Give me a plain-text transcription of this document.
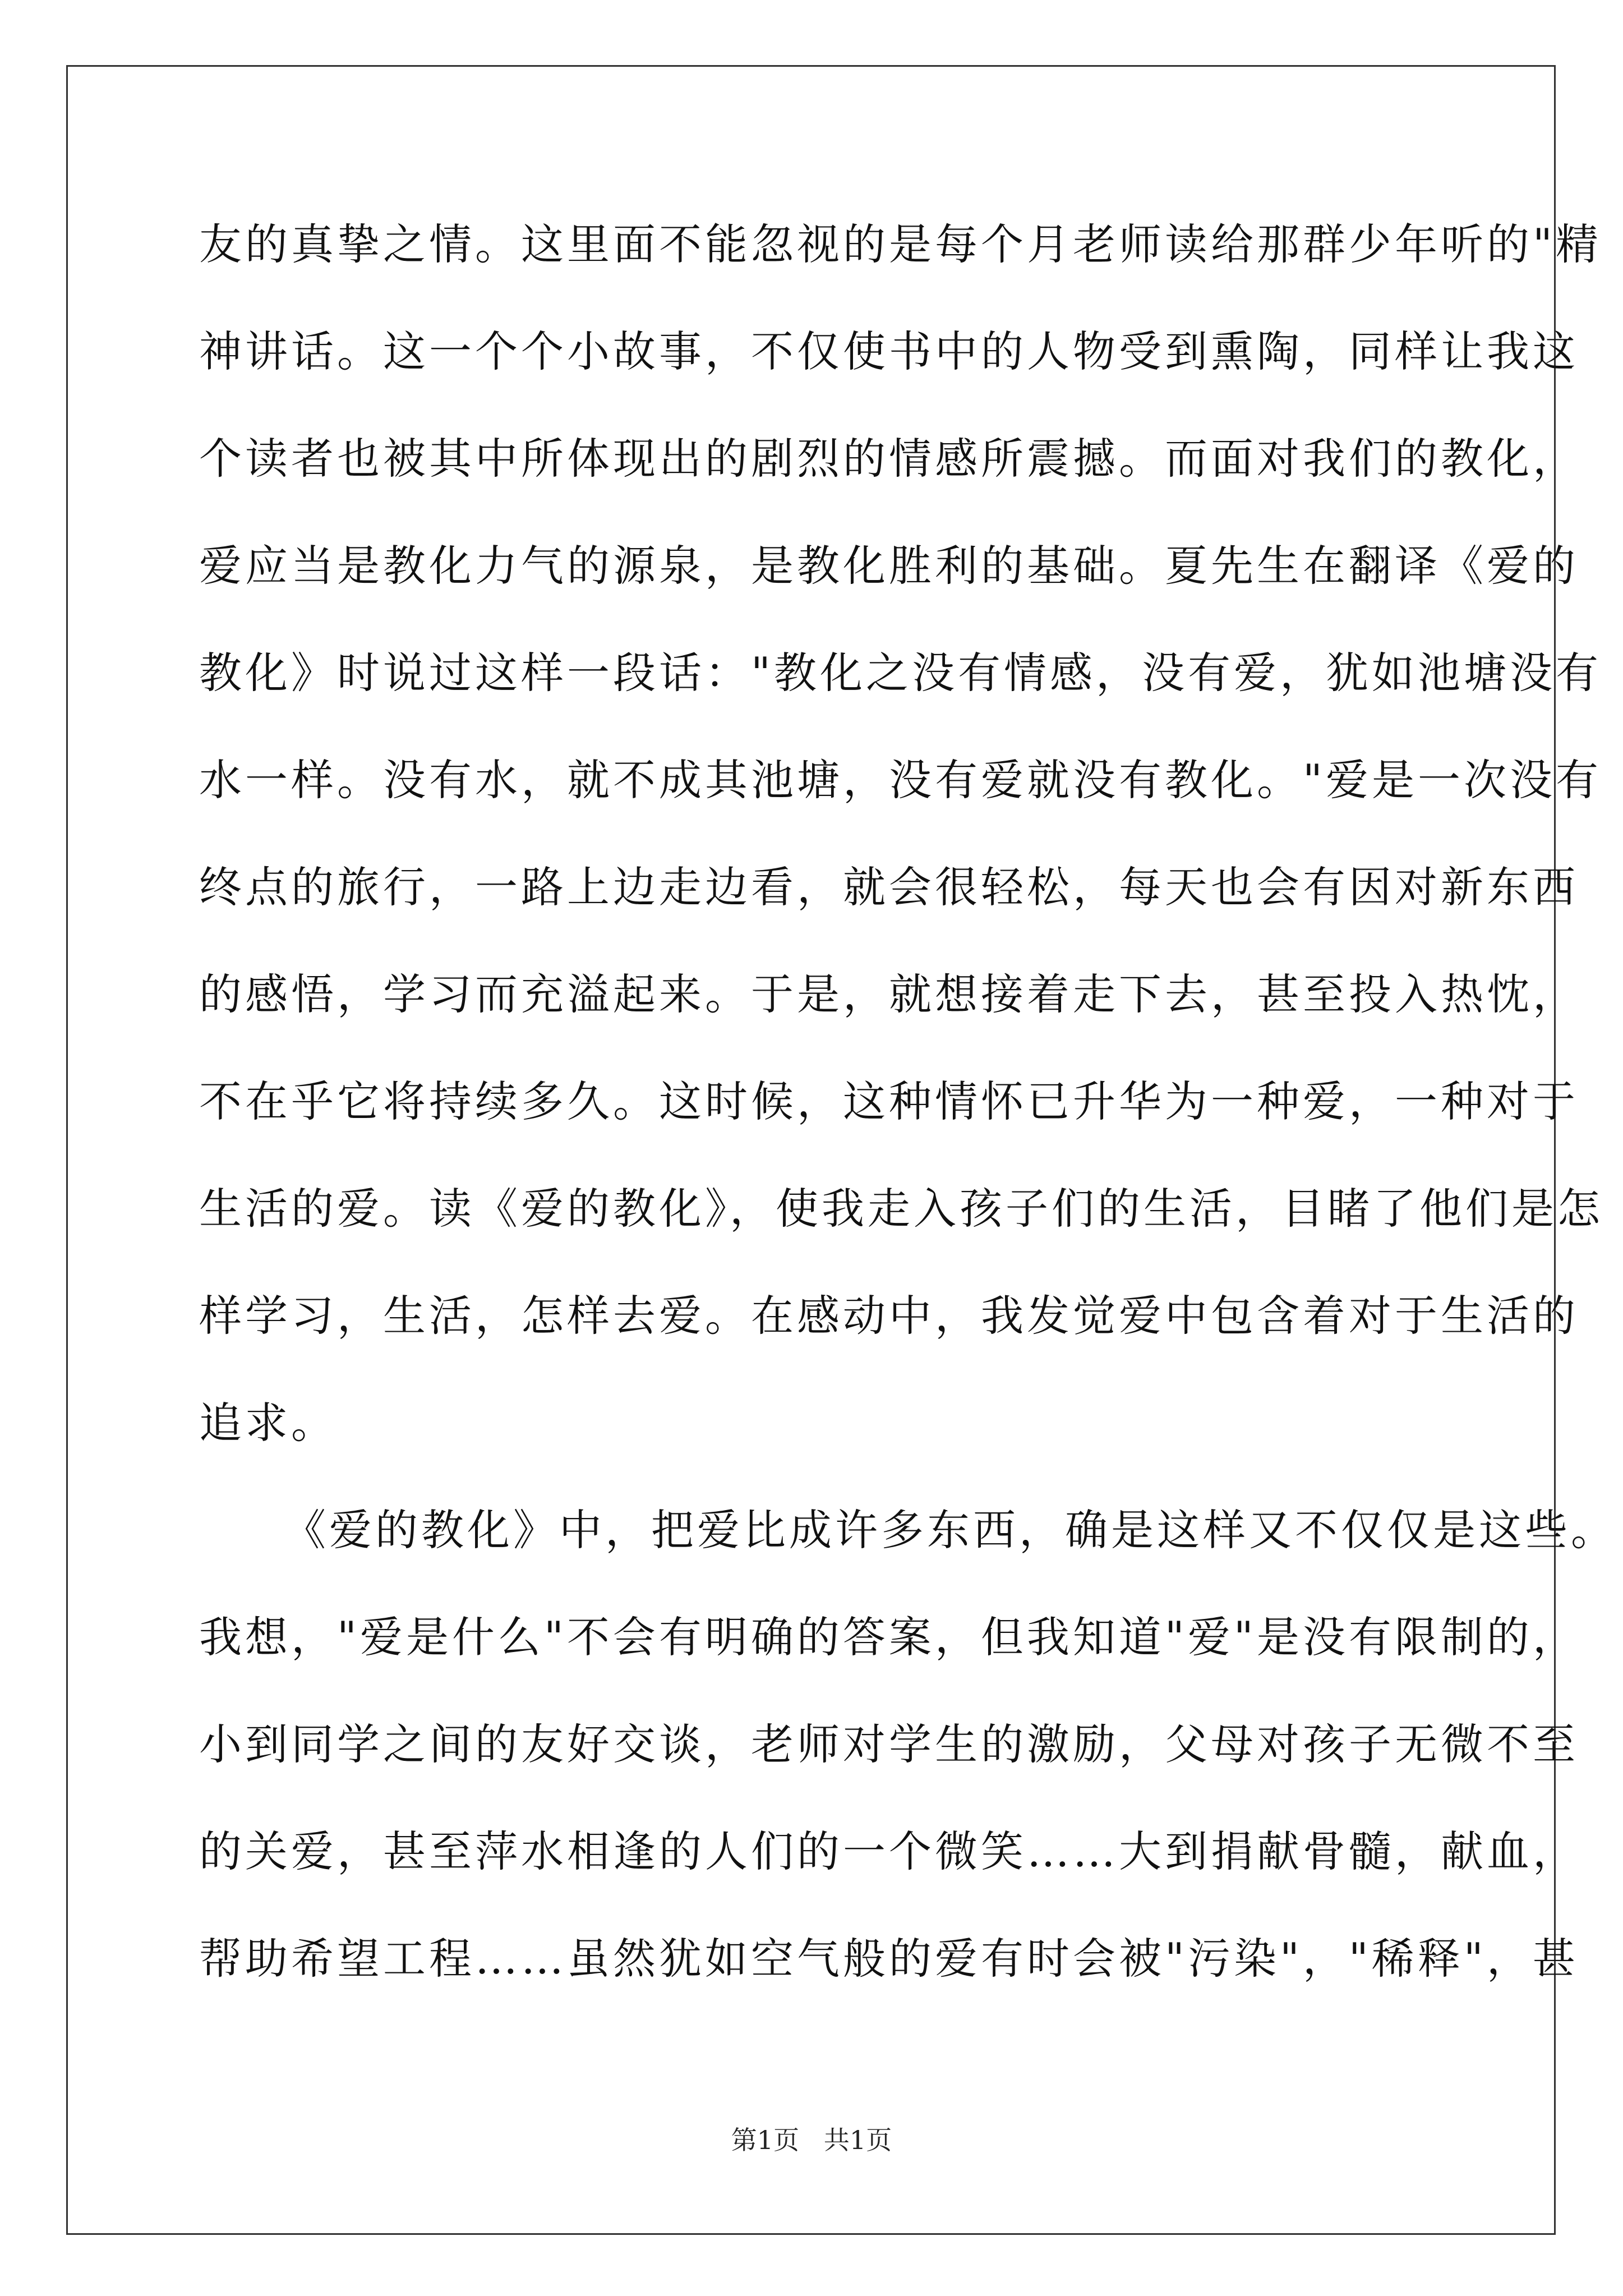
友的真挚之情。这里面不能忽视的是每个月老师读给那群少年听的"精
神讲话。这一个个小故事，不仅使书中的人物受到熏陶，同样让我这
个读者也被其中所体现出的剧烈的情感所震撼。而面对我们的教化，
爱应当是教化力气的源泉，是教化胜利的基础。夏先生在翻译《爱的
教化》时说过这样一段话："教化之没有情感，没有爱，犹如池塘没有
水一样。没有水，就不成其池塘，没有爱就没有教化。"爱是一次没有
终点的旅行，一路上边走边看，就会很轻松，每天也会有因对新东西
的感悟，学习而充溢起来。于是，就想接着走下去，甚至投入热忱，
不在乎它将持续多久。这时候，这种情怀已升华为一种爱，一种对于
生活的爱。读《爱的教化》，使我走入孩子们的生活，目睹了他们是怎
样学习，生活，怎样去爱。在感动中，我发觉爱中包含着对于生活的
追求。
《爱的教化》中，把爱比成许多东西，确是这样又不仅仅是这些。
我想，"爱是什么"不会有明确的答案，但我知道"爱"是没有限制的，
小到同学之间的友好交谈，老师对学生的激励，父母对孩子无微不至
的关爱，甚至萍水相逢的人们的一个微笑……大到捐献骨髓，献血，
帮助希望工程……虽然犹如空气般的爱有时会被"污染"，"稀释"，甚
第1页   共1页
